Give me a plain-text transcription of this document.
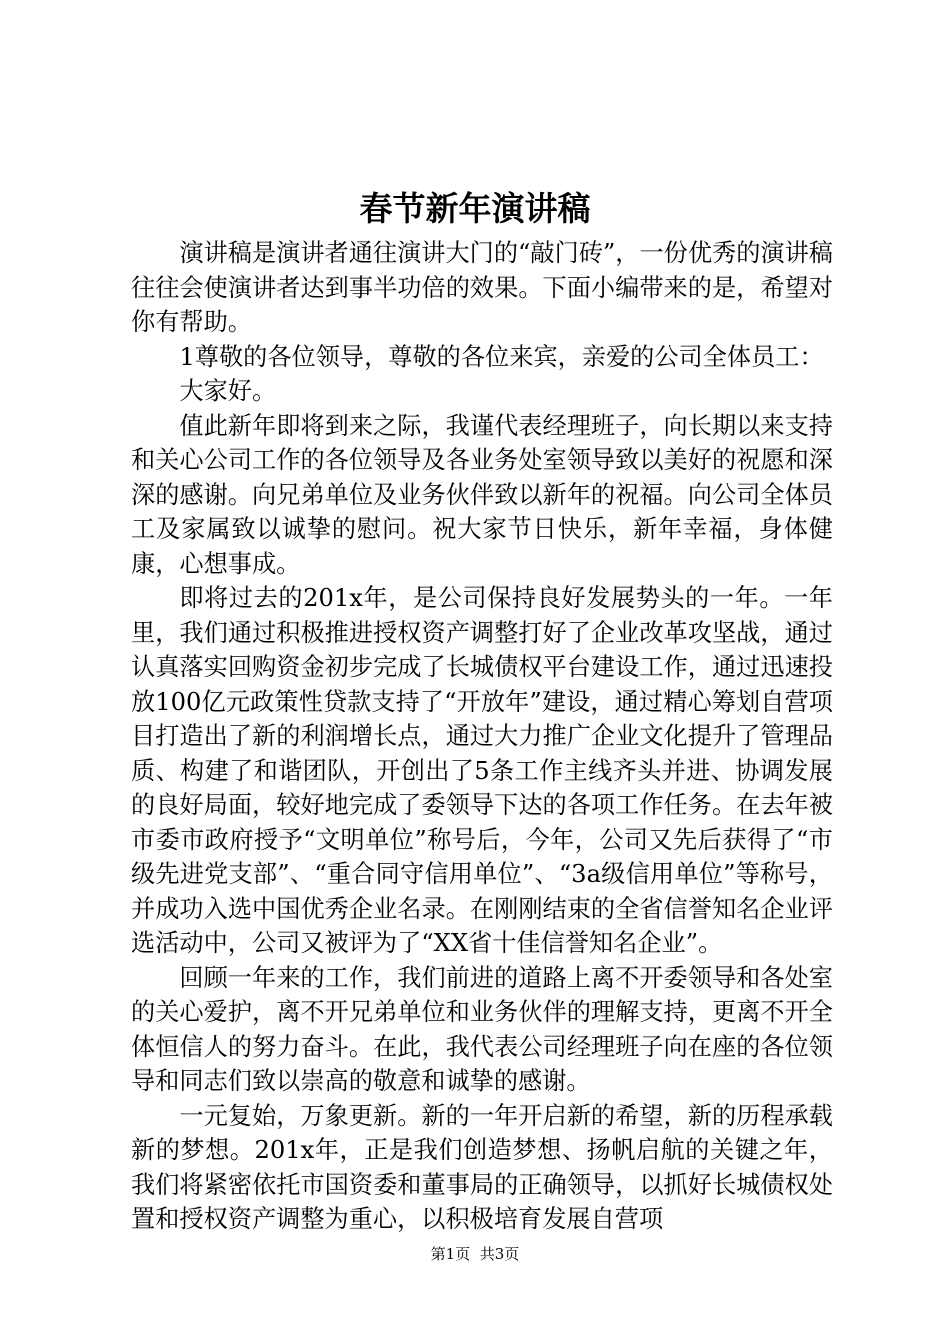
春节新年演讲稿

演讲稿是演讲者通往演讲大门的“敲门砖”，一份优秀的演讲稿往往会使演讲者达到事半功倍的效果。下面小编带来的是，希望对你有帮助。

1尊敬的各位领导，尊敬的各位来宾，亲爱的公司全体员工：

大家好。

值此新年即将到来之际，我谨代表经理班子，向长期以来支持和关心公司工作的各位领导及各业务处室领导致以美好的祝愿和深深的感谢。向兄弟单位及业务伙伴致以新年的祝福。向公司全体员工及家属致以诚挚的慰问。祝大家节日快乐，新年幸福，身体健康，心想事成。

即将过去的201x年，是公司保持良好发展势头的一年。一年里，我们通过积极推进授权资产调整打好了企业改革攻坚战，通过认真落实回购资金初步完成了长城债权平台建设工作，通过迅速投放100亿元政策性贷款支持了“开放年”建设，通过精心筹划自营项目打造出了新的利润增长点，通过大力推广企业文化提升了管理品质、构建了和谐团队，开创出了5条工作主线齐头并进、协调发展的良好局面，较好地完成了委领导下达的各项工作任务。在去年被市委市政府授予“文明单位”称号后，今年，公司又先后获得了“市级先进党支部”、“重合同守信用单位”、“3a级信用单位”等称号，并成功入选中国优秀企业名录。在刚刚结束的全省信誉知名企业评选活动中，公司又被评为了“XX省十佳信誉知名企业”。

回顾一年来的工作，我们前进的道路上离不开委领导和各处室的关心爱护，离不开兄弟单位和业务伙伴的理解支持，更离不开全体恒信人的努力奋斗。在此，我代表公司经理班子向在座的各位领导和同志们致以崇高的敬意和诚挚的感谢。

一元复始，万象更新。新的一年开启新的希望，新的历程承载新的梦想。201x年，正是我们创造梦想、扬帆启航的关键之年，我们将紧密依托市国资委和董事局的正确领导，以抓好长城债权处置和授权资产调整为重心，以积极培育发展自营项

第1页 共3页
